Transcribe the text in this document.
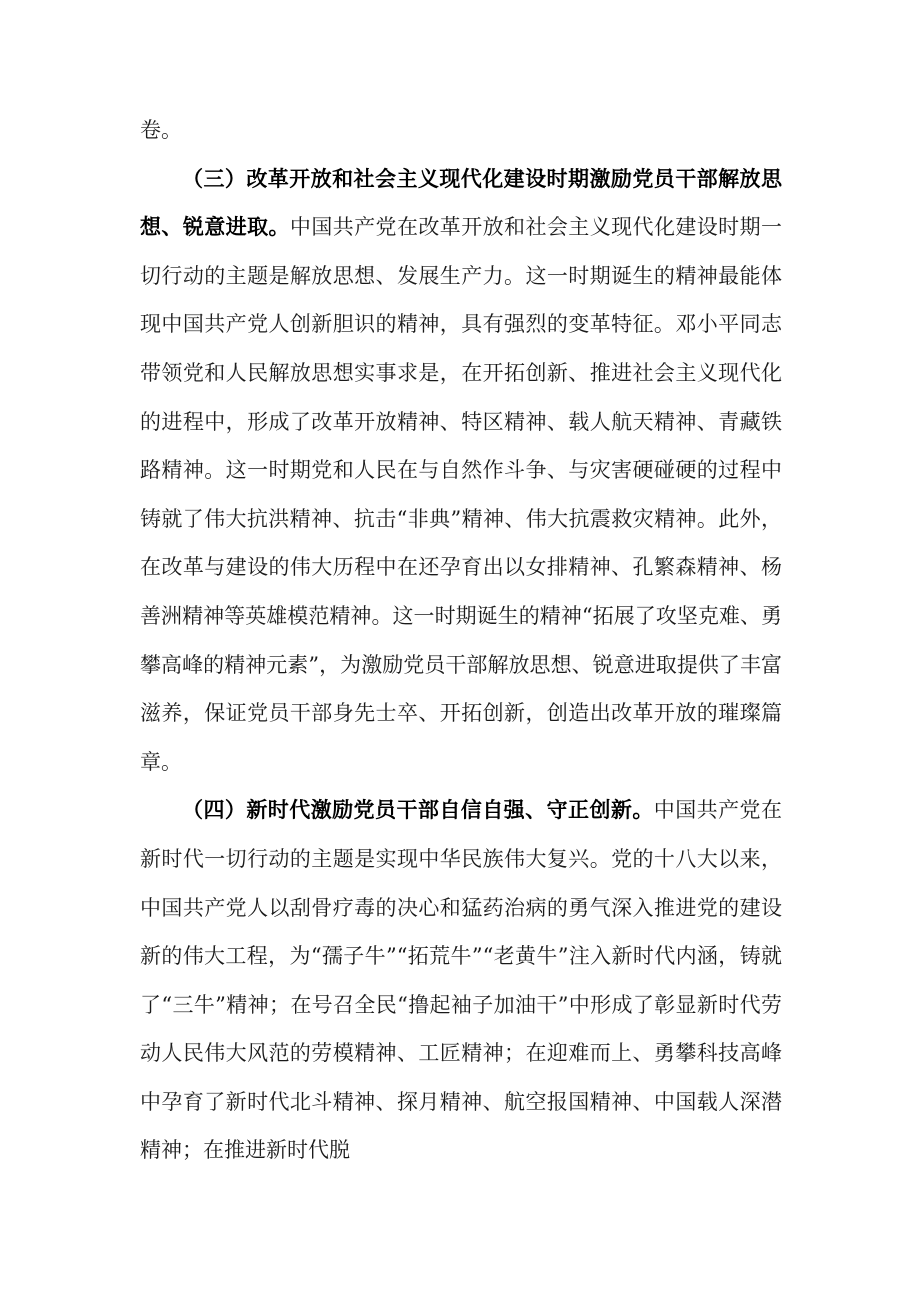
卷。

（三）改革开放和社会主义现代化建设时期激励党员干部解放思想、锐意进取。中国共产党在改革开放和社会主义现代化建设时期一切行动的主题是解放思想、发展生产力。这一时期诞生的精神最能体现中国共产党人创新胆识的精神，具有强烈的变革特征。邓小平同志带领党和人民解放思想实事求是，在开拓创新、推进社会主义现代化的进程中，形成了改革开放精神、特区精神、载人航天精神、青藏铁路精神。这一时期党和人民在与自然作斗争、与灾害硬碰硬的过程中铸就了伟大抗洪精神、抗击“非典”精神、伟大抗震救灾精神。此外，在改革与建设的伟大历程中在还孕育出以女排精神、孔繁森精神、杨善洲精神等英雄模范精神。这一时期诞生的精神“拓展了攻坚克难、勇攀高峰的精神元素”，为激励党员干部解放思想、锐意进取提供了丰富滋养，保证党员干部身先士卒、开拓创新，创造出改革开放的璀璨篇章。

（四）新时代激励党员干部自信自强、守正创新。中国共产党在新时代一切行动的主题是实现中华民族伟大复兴。党的十八大以来，中国共产党人以刮骨疗毒的决心和猛药治病的勇气深入推进党的建设新的伟大工程，为“孺子牛”“拓荒牛”“老黄牛”注入新时代内涵，铸就了“三牛”精神；在号召全民“撸起袖子加油干”中形成了彰显新时代劳动人民伟大风范的劳模精神、工匠精神；在迎难而上、勇攀科技高峰中孕育了新时代北斗精神、探月精神、航空报国精神、中国载人深潜精神；在推进新时代脱
